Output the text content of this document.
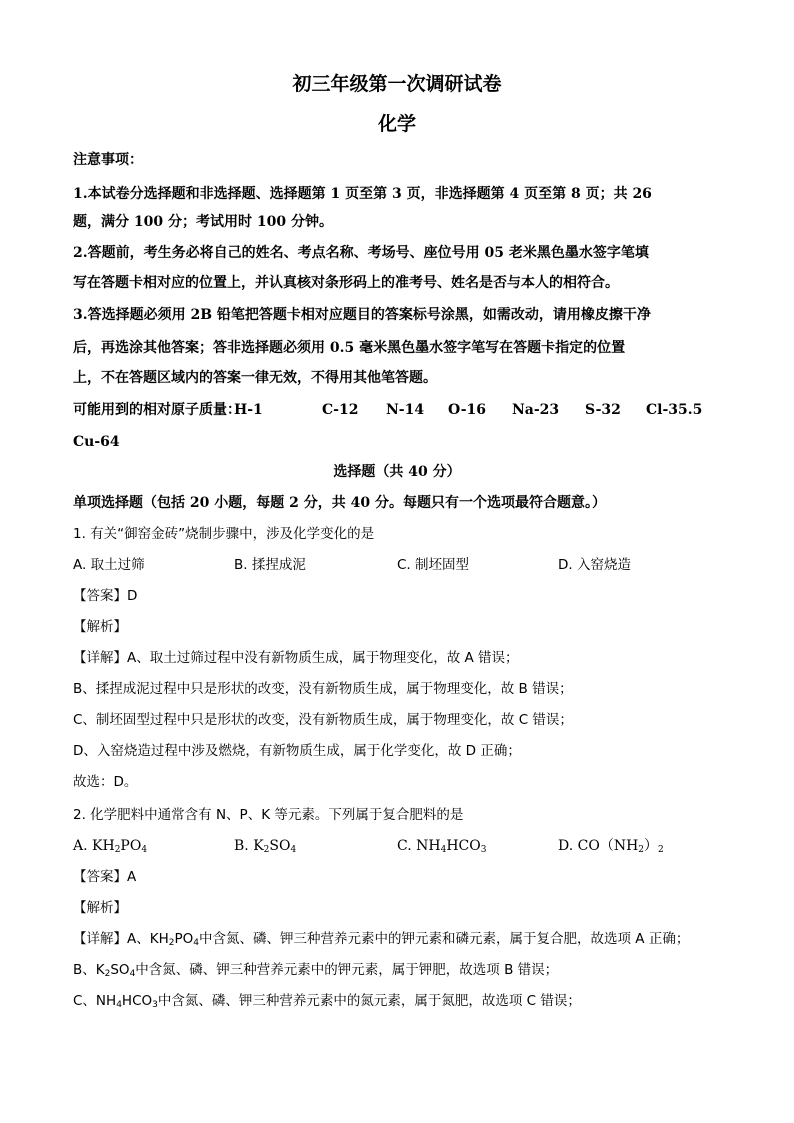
初三年级第一次调研试卷
化学
注意事项：
1.本试卷分选择题和非选择题、选择题第 1 页至第 3 页，非选择题第 4 页至第 8 页；共 26
题，满分 100 分；考试用时 100 分钟。
2.答题前，考生务必将自己的姓名、考点名称、考场号、座位号用 05 老米黑色墨水签字笔填
写在答题卡相对应的位置上，并认真核对条形码上的准考号、姓名是否与本人的相符合。
3.答选择题必须用 2B 铅笔把答题卡相对应题目的答案标号涂黑，如需改动，请用橡皮擦干净
后，再选涂其他答案；答非选择题必须用 0.5 毫米黑色墨水签字笔写在答题卡指定的位置
上，不在答题区域内的答案一律无效，不得用其他笔答题。
可能用到的相对原子质量：
H-1	C-12 N-14 O-16 Na-23 S-32 Cl-35.5
Cu-64
选择题（共 40 分）
单项选择题（包括 20 小题，每题 2 分，共 40 分。每题只有一个选项最符合题意。）
1. 有关“御窑金砖”烧制步骤中，涉及化学变化的是
A. 取土过筛	B. 揉捏成泥	C. 制坯固型	D. 入窑烧造
【答案】D
【解析】
【详解】A、取土过筛过程中没有新物质生成，属于物理变化，故 A 错误；
B、揉捏成泥过程中只是形状的改变，没有新物质生成，属于物理变化，故 B 错误；
C、制坯固型过程中只是形状的改变，没有新物质生成，属于物理变化，故 C 错误；
D、入窑烧造过程中涉及燃烧，有新物质生成，属于化学变化，故 D 正确；
故选：D。
2. 化学肥料中通常含有 N、P、K 等元素。下列属于复合肥料的是
A. $KH_2PO_4$	B. $K_2SO_4$	C. $NH_4HCO_3$	D. $CO(NH_2)_2$
【答案】A
【解析】
【详解】A、$KH_2PO_4$中含氮、磷、钾三种营养元素中的钾元素和磷元素，属于复合肥，故选项 A 正确；
B、$K_2SO_4$中含氮、磷、钾三种营养元素中的钾元素，属于钾肥，故选项 B 错误；
C、$NH_4HCO_3$中含氮、磷、钾三种营养元素中的氮元素，属于氮肥，故选项 C 错误；
